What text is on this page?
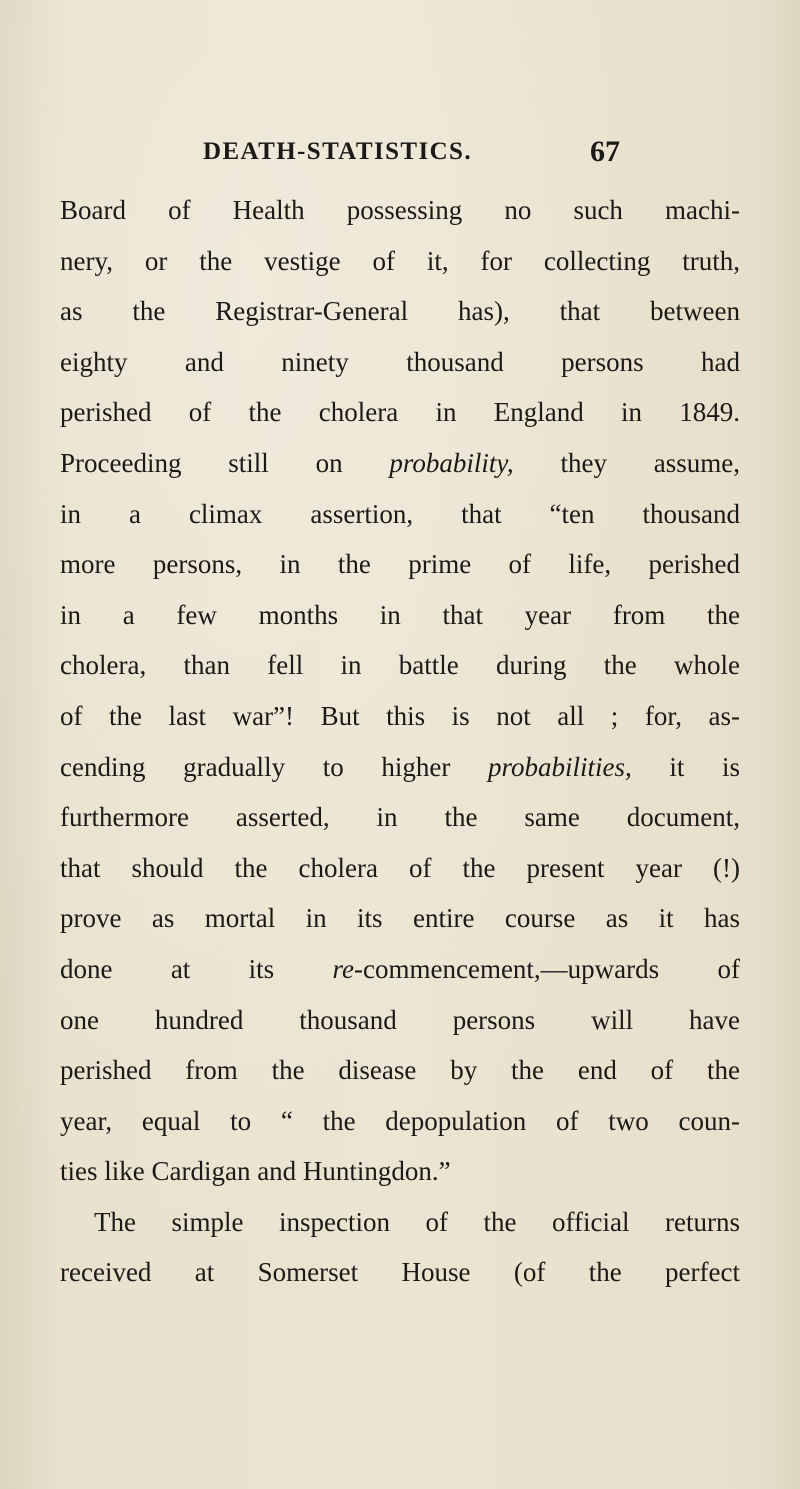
DEATH-STATISTICS.	67
Board of Health possessing no such machi-
nery, or the vestige of it, for collecting truth,
as the Registrar-General has), that between
eighty and ninety thousand persons had
perished of the cholera in England in 1849.
Proceeding still on probability, they assume,
in a climax assertion, that “ten thousand
more persons, in the prime of life, perished
in a few months in that year from the
cholera, than fell in battle during the whole
of the last war”! But this is not all ; for, as-
cending gradually to higher probabilities, it is
furthermore asserted, in the same document,
that should the cholera of the present year (!)
prove as mortal in its entire course as it has
done at its re-commencement,—upwards of
one hundred thousand persons will have
perished from the disease by the end of the
year, equal to “ the depopulation of two coun-
ties like Cardigan and Huntingdon.”
The simple inspection of the official returns
received at Somerset House (of the perfect
